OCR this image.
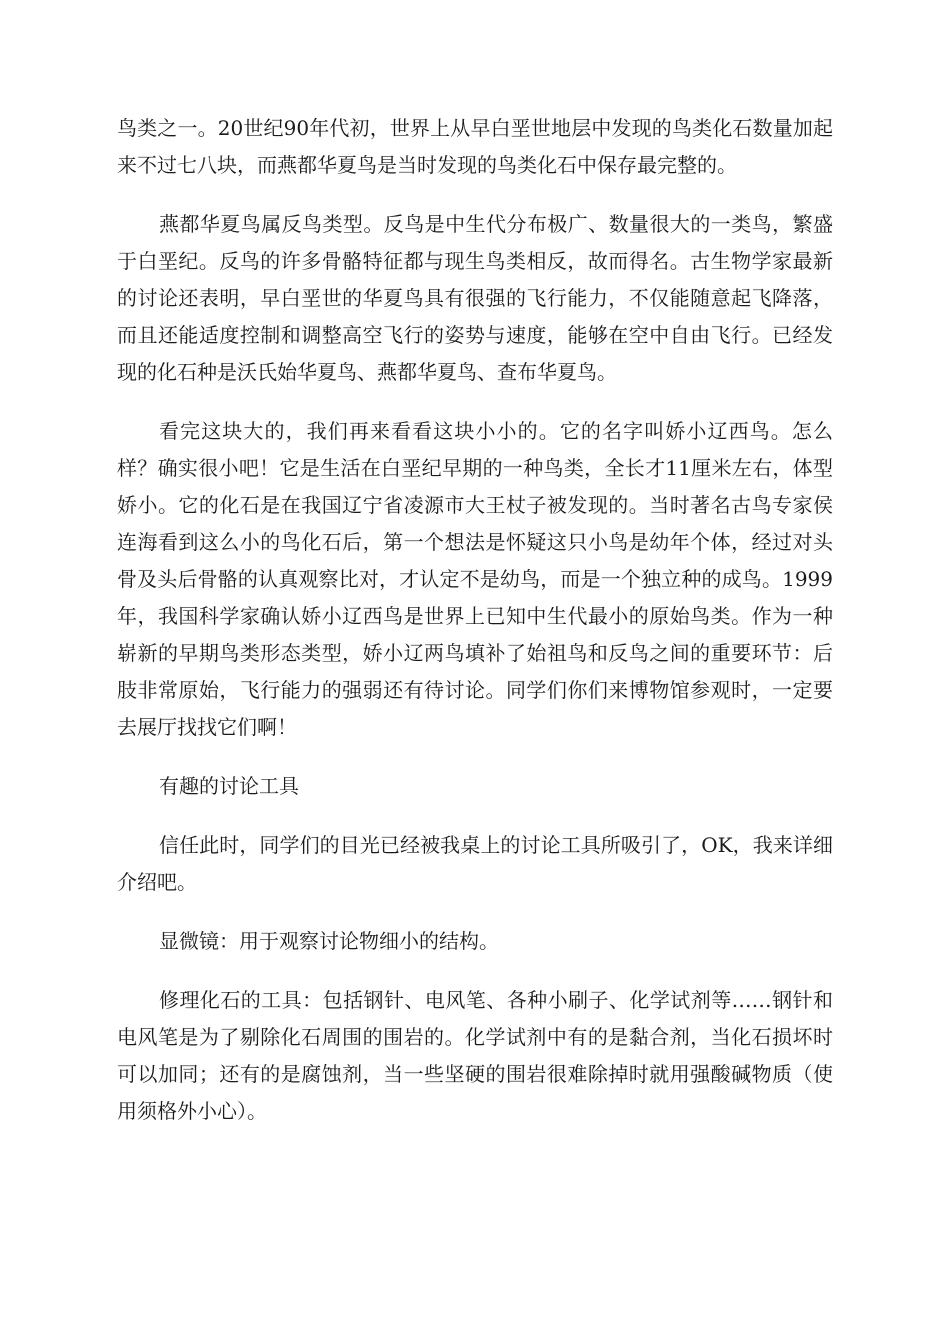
鸟类之一。20世纪90年代初，世界上从早白垩世地层中发现的鸟类化石数量加起来不过七八块，而燕都华夏鸟是当时发现的鸟类化石中保存最完整的。

燕都华夏鸟属反鸟类型。反鸟是中生代分布极广、数量很大的一类鸟，繁盛于白垩纪。反鸟的许多骨骼特征都与现生鸟类相反，故而得名。古生物学家最新的讨论还表明，早白垩世的华夏鸟具有很强的飞行能力，不仅能随意起飞降落，而且还能适度控制和调整高空飞行的姿势与速度，能够在空中自由飞行。已经发现的化石种是沃氏始华夏鸟、燕都华夏鸟、查布华夏鸟。

看完这块大的，我们再来看看这块小小的。它的名字叫娇小辽西鸟。怎么样？确实很小吧！它是生活在白垩纪早期的一种鸟类，全长才11厘米左右，体型娇小。它的化石是在我国辽宁省凌源市大王杖子被发现的。当时著名古鸟专家侯连海看到这么小的鸟化石后，第一个想法是怀疑这只小鸟是幼年个体，经过对头骨及头后骨骼的认真观察比对，才认定不是幼鸟，而是一个独立种的成鸟。1999年，我国科学家确认娇小辽西鸟是世界上已知中生代最小的原始鸟类。作为一种崭新的早期鸟类形态类型，娇小辽两鸟填补了始祖鸟和反鸟之间的重要环节：后肢非常原始，飞行能力的强弱还有待讨论。同学们你们来博物馆参观时，一定要去展厅找找它们啊！

有趣的讨论工具

信任此时，同学们的目光已经被我桌上的讨论工具所吸引了，OK，我来详细介绍吧。

显微镜：用于观察讨论物细小的结构。

修理化石的工具：包括钢针、电风笔、各种小刷子、化学试剂等……钢针和电风笔是为了剔除化石周围的围岩的。化学试剂中有的是黏合剂，当化石损坏时可以加同；还有的是腐蚀剂，当一些坚硬的围岩很难除掉时就用强酸碱物质（使用须格外小心）。
